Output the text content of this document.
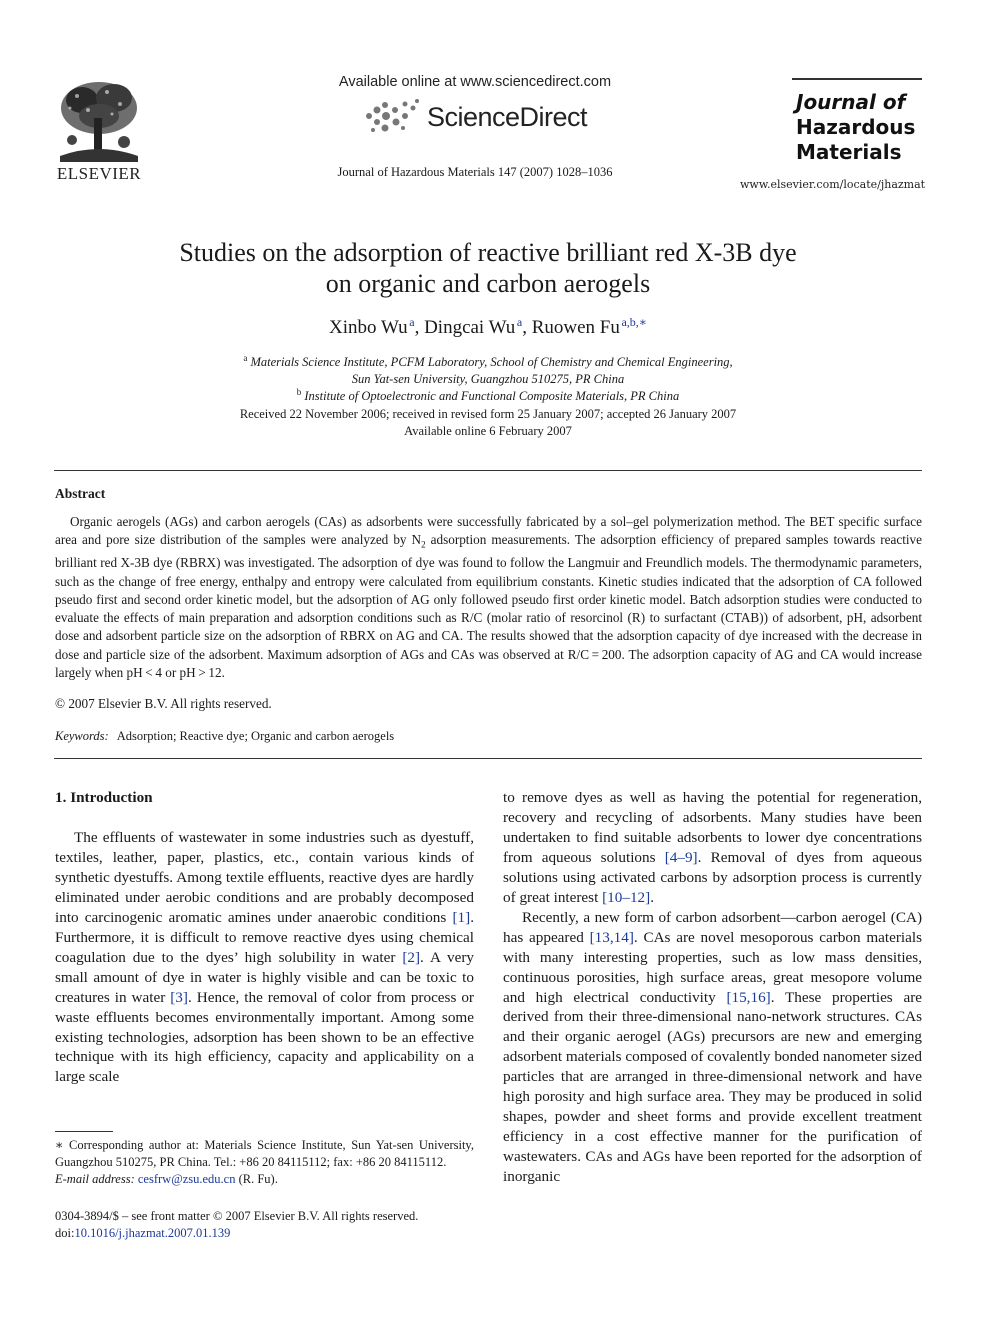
ELSEVIER
Available online at www.sciencedirect.com
ScienceDirect
Journal of Hazardous Materials 147 (2007) 1028–1036
Journal of
Hazardous
Materials
www.elsevier.com/locate/jhazmat
Studies on the adsorption of reactive brilliant red X-3B dye
on organic and carbon aerogels
Xinbo Wu  $^a$, Dingcai Wu  $^a$, Ruowen Fu  $^{a,b,∗}$
$^a$ Materials Science Institute, PCFM Laboratory, School of Chemistry and Chemical Engineering,
Sun Yat-sen University, Guangzhou 510275, PR China
$^b$ Institute of Optoelectronic and Functional Composite Materials, PR China
Received 22 November 2006; received in revised form 25 January 2007; accepted 26 January 2007
Available online 6 February 2007
Abstract
Organic aerogels (AGs) and carbon aerogels (CAs) as adsorbents were successfully fabricated by a sol–gel polymerization method. The BET specific surface area and pore size distribution of the samples were analyzed by $N_2$ adsorption measurements. The adsorption efficiency of prepared samples towards reactive brilliant red X-3B dye (RBRX) was investigated. The adsorption of dye was found to follow the Langmuir and Freundlich models. The thermodynamic parameters, such as the change of free energy, enthalpy and entropy were calculated from equilibrium constants. Kinetic studies indicated that the adsorption of CA followed pseudo first and second order kinetic model, but the adsorption of AG only followed pseudo first order kinetic model. Batch adsorption studies were conducted to evaluate the effects of main preparation and adsorption conditions such as R/C (molar ratio of resorcinol (R) to surfactant (CTAB)) of adsorbent, pH, adsorbent dose and adsorbent particle size on the adsorption of RBRX on AG and CA. The results showed that the adsorption capacity of dye increased with the decrease in dose and particle size of the adsorbent. Maximum adsorption of AGs and CAs was observed at R/C = 200. The adsorption capacity of AG and CA would increase largely when pH < 4 or pH > 12.
© 2007 Elsevier B.V. All rights reserved.
Keywords: Adsorption; Reactive dye; Organic and carbon aerogels
1. Introduction

The effluents of wastewater in some industries such as dyestuff, textiles, leather, paper, plastics, etc., contain various kinds of synthetic dyestuffs. Among textile effluents, reactive dyes are hardly eliminated under aerobic conditions and are probably decomposed into carcinogenic aromatic amines under anaerobic conditions [1]. Furthermore, it is difficult to remove reactive dyes using chemical coagulation due to the dyes’ high solubility in water [2]. A very small amount of dye in water is highly visible and can be toxic to creatures in water [3]. Hence, the removal of color from process or waste effluents becomes environmentally important. Among some existing technologies, adsorption has been shown to be an effective technique with its high efficiency, capacity and applicability on a large scale

to remove dyes as well as having the potential for regeneration, recovery and recycling of adsorbents. Many studies have been undertaken to find suitable adsorbents to lower dye concentrations from aqueous solutions [4–9]. Removal of dyes from aqueous solutions using activated carbons by adsorption process is currently of great interest [10–12].

Recently, a new form of carbon adsorbent—carbon aerogel (CA) has appeared [13,14]. CAs are novel mesoporous carbon materials with many interesting properties, such as low mass densities, continuous porosities, high surface areas, great mesopore volume and high electrical conductivity [15,16]. These properties are derived from their three-dimensional nano-network structures. CAs and their organic aerogel (AGs) precursors are new and emerging adsorbent materials composed of covalently bonded nanometer sized particles that are arranged in three-dimensional network and have high porosity and high surface area. They may be produced in solid shapes, powder and sheet forms and provide excellent treatment efficiency in a cost effective manner for the purification of wastewaters. CAs and AGs have been reported for the adsorption of inorganic

∗ Corresponding author at: Materials Science Institute, Sun Yat-sen University, Guangzhou 510275, PR China. Tel.: +86 20 84115112; fax: +86 20 84115112.
E-mail address: cesfrw@zsu.edu.cn (R. Fu).
0304-3894/$ – see front matter © 2007 Elsevier B.V. All rights reserved.
doi:10.1016/j.jhazmat.2007.01.139
